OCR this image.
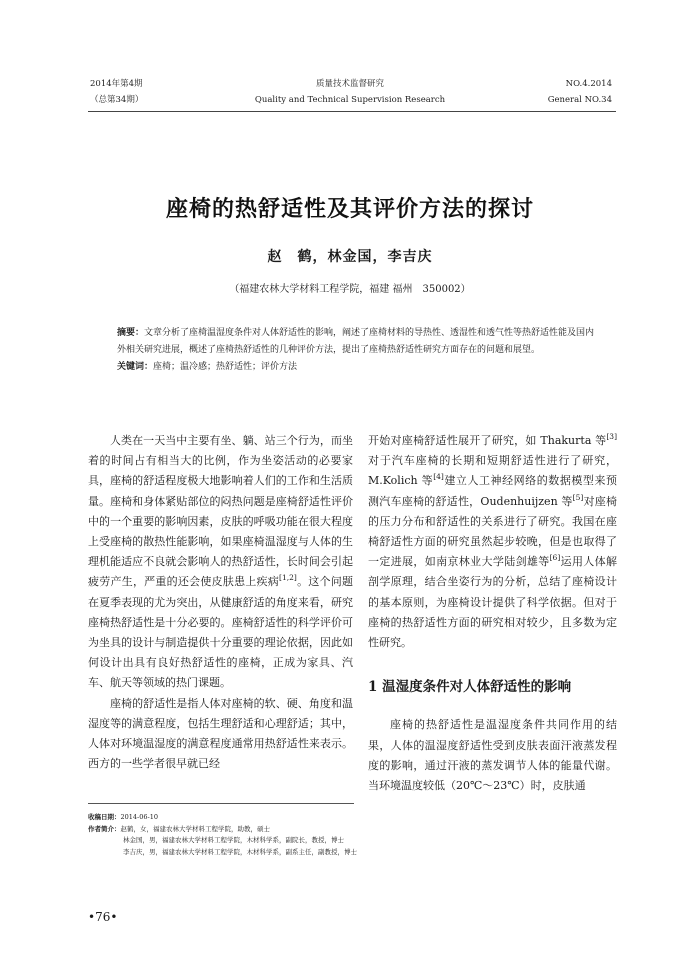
2014年第4期
（总第34期）
质量技术监督研究
Quality and Technical Supervision Research
NO.4.2014
General NO.34
座椅的热舒适性及其评价方法的探讨
赵　鹤，林金国，李吉庆
（福建农林大学材料工程学院，福建 福州　350002）
摘要：文章分析了座椅温湿度条件对人体舒适性的影响，阐述了座椅材料的导热性、透湿性和透气性等热舒适性能及国内外相关研究进展，概述了座椅热舒适性的几种评价方法，提出了座椅热舒适性研究方面存在的问题和展望。
关键词：座椅；温冷感；热舒适性；评价方法

人类在一天当中主要有坐、躺、站三个行为，而坐着的时间占有相当大的比例，作为坐姿活动的必要家具，座椅的舒适程度极大地影响着人们的工作和生活质量。座椅和身体紧贴部位的闷热问题是座椅舒适性评价中的一个重要的影响因素，皮肤的呼吸功能在很大程度上受座椅的散热性能影响，如果座椅温湿度与人体的生理机能适应不良就会影响人的热舒适性，长时间会引起疲劳产生，严重的还会使皮肤患上疾病[1,2]。这个问题在夏季表现的尤为突出，从健康舒适的角度来看，研究座椅热舒适性是十分必要的。座椅舒适性的科学评价可为坐具的设计与制造提供十分重要的理论依据，因此如何设计出具有良好热舒适性的座椅，正成为家具、汽车、航天等领域的热门课题。

座椅的舒适性是指人体对座椅的软、硬、角度和温湿度等的满意程度，包括生理舒适和心理舒适；其中，人体对环境温湿度的满意程度通常用热舒适性来表示。西方的一些学者很早就已经

开始对座椅舒适性展开了研究，如 Thakurta 等[3]对于汽车座椅的长期和短期舒适性进行了研究，M.Kolich 等[4]建立人工神经网络的数据模型来预测汽车座椅的舒适性，Oudenhuijzen 等[5]对座椅的压力分布和舒适性的关系进行了研究。我国在座椅舒适性方面的研究虽然起步较晚，但是也取得了一定进展，如南京林业大学陆剑雄等[6]运用人体解剖学原理，结合坐姿行为的分析，总结了座椅设计的基本原则，为座椅设计提供了科学依据。但对于座椅的热舒适性方面的研究相对较少，且多数为定性研究。

1 温湿度条件对人体舒适性的影响

座椅的热舒适性是温湿度条件共同作用的结果，人体的温湿度舒适性受到皮肤表面汗液蒸发程度的影响，通过汗液的蒸发调节人体的能量代谢。当环境温度较低（20℃～23℃）时，皮肤通

收稿日期：2014-06-10
作者简介：赵鹤，女，福建农林大学材料工程学院，助教，硕士
林金国，男，福建农林大学材料工程学院，木材科学系，副院长，教授，博士
李吉庆，男，福建农林大学材料工程学院，木材科学系，副系主任，副教授，博士
•76•
